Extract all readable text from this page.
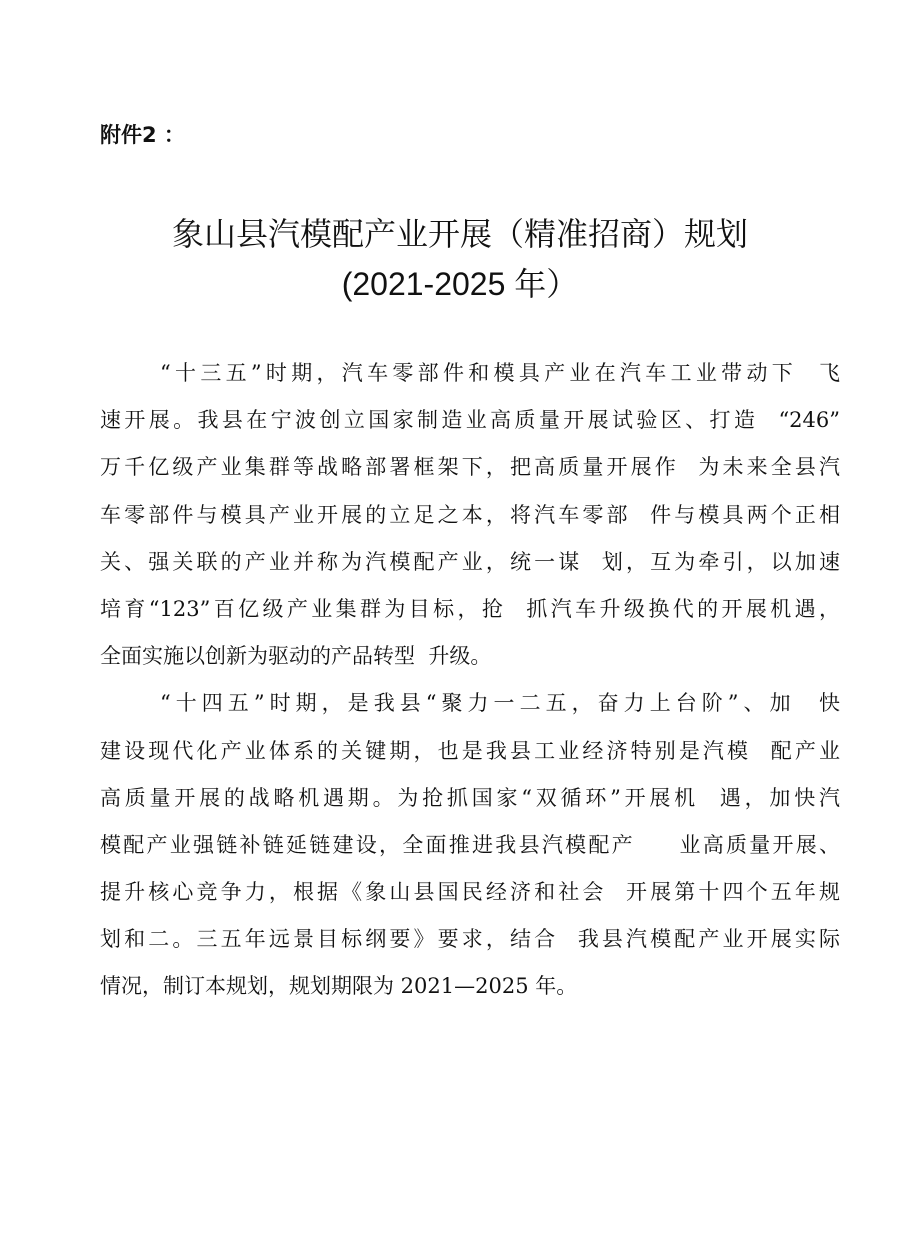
附件2 ：
象山县汽模配产业开展（精准招商）规划
(2021-2025 年）
“十三五”时期，汽车零部件和模具产业在汽车工业带动下  飞
速开展。我县在宁波创立国家制造业高质量开展试验区、打造  “246”
万千亿级产业集群等战略部署框架下，把高质量开展作  为未来全县汽
车零部件与模具产业开展的立足之本，将汽车零部  件与模具两个正相
关、强关联的产业并称为汽模配产业，统一谋  划，互为牵引，以加速
培育“123”百亿级产业集群为目标，抢  抓汽车升级换代的开展机遇，
全面实施以创新为驱动的产品转型  升级。
“十四五”时期，是我县“聚力一二五，奋力上台阶”、加  快
建设现代化产业体系的关键期，也是我县工业经济特别是汽模  配产业
高质量开展的战略机遇期。为抢抓国家“双循环”开展机  遇，加快汽
模配产业强链补链延链建设，全面推进我县汽模配产     业高质量开展、
提升核心竞争力，根据《象山县国民经济和社会  开展第十四个五年规
划和二。三五年远景目标纲要》要求，结合  我县汽模配产业开展实际
情况，制订本规划，规划期限为 2021—2025 年。
